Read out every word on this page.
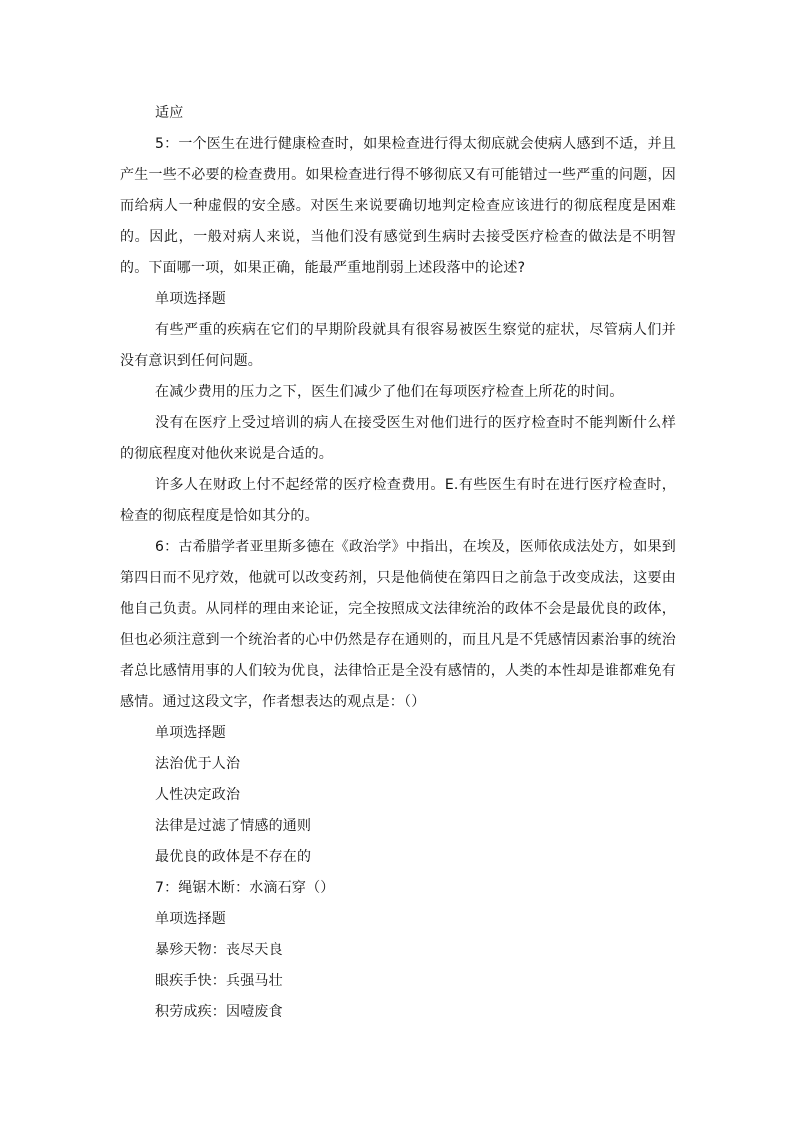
适应

5：一个医生在进行健康检查时，如果检查进行得太彻底就会使病人感到不适，并且产生一些不必要的检查费用。如果检查进行得不够彻底又有可能错过一些严重的问题，因而给病人一种虚假的安全感。对医生来说要确切地判定检查应该进行的彻底程度是困难的。因此，一般对病人来说，当他们没有感觉到生病时去接受医疗检查的做法是不明智的。下面哪一项，如果正确，能最严重地削弱上述段落中的论述?

单项选择题

有些严重的疾病在它们的早期阶段就具有很容易被医生察觉的症状，尽管病人们并没有意识到任何问题。

在减少费用的压力之下，医生们减少了他们在每项医疗检查上所花的时间。

没有在医疗上受过培训的病人在接受医生对他们进行的医疗检查时不能判断什么样的彻底程度对他伙来说是合适的。

许多人在财政上付不起经常的医疗检查费用。E.有些医生有时在进行医疗检查时，检查的彻底程度是恰如其分的。

6：古希腊学者亚里斯多德在《政治学》中指出，在埃及，医师依成法处方，如果到第四日而不见疗效，他就可以改变药剂，只是他倘使在第四日之前急于改变成法，这要由他自己负责。从同样的理由来论证，完全按照成文法律统治的政体不会是最优良的政体，但也必须注意到一个统治者的心中仍然是存在通则的，而且凡是不凭感情因素治事的统治者总比感情用事的人们较为优良，法律恰正是全没有感情的，人类的本性却是谁都难免有感情。通过这段文字，作者想表达的观点是：（）

单项选择题

法治优于人治

人性决定政治

法律是过滤了情感的通则

最优良的政体是不存在的

7：绳锯木断：水滴石穿（）

单项选择题

暴殄天物：丧尽天良

眼疾手快：兵强马壮

积劳成疾：因噎废食
